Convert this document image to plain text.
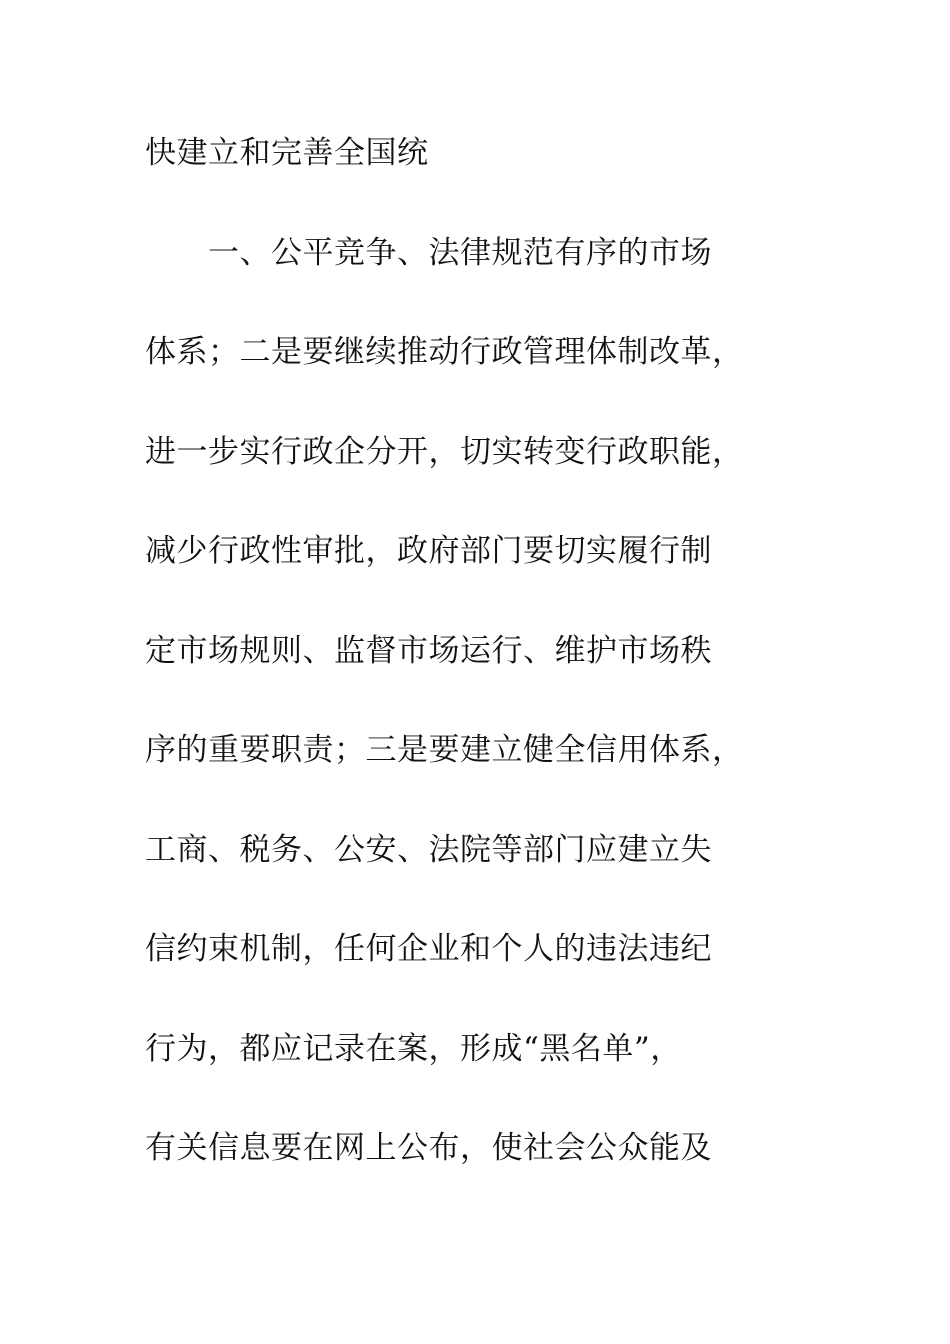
快建立和完善全国统
　　一、公平竞争、法律规范有序的市场
体系；二是要继续推动行政管理体制改革，
进一步实行政企分开，切实转变行政职能，
减少行政性审批，政府部门要切实履行制
定市场规则、监督市场运行、维护市场秩
序的重要职责；三是要建立健全信用体系，
工商、税务、公安、法院等部门应建立失
信约束机制，任何企业和个人的违法违纪
行为，都应记录在案，形成“黑名单”，
有关信息要在网上公布，使社会公众能及
